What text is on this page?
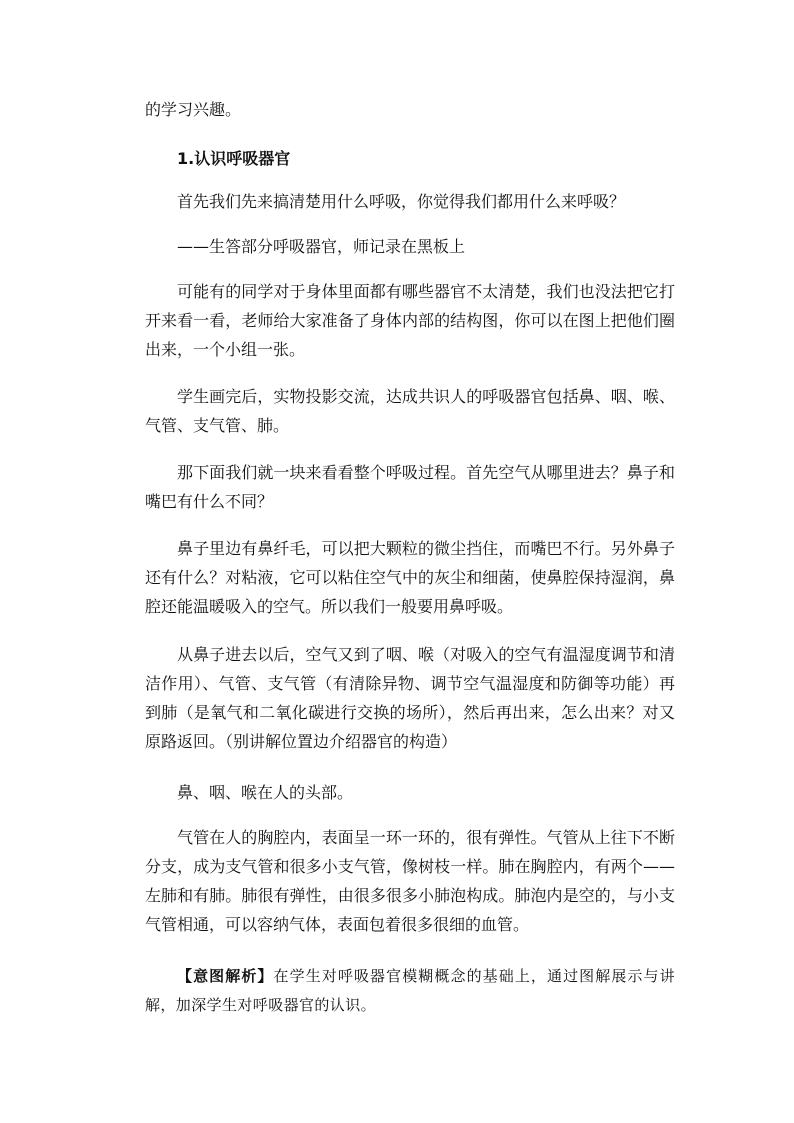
的学习兴趣。
1.认识呼吸器官
首先我们先来搞清楚用什么呼吸，你觉得我们都用什么来呼吸？
——生答部分呼吸器官，师记录在黑板上
可能有的同学对于身体里面都有哪些器官不太清楚，我们也没法把它打开来看一看，老师给大家准备了身体内部的结构图，你可以在图上把他们圈出来，一个小组一张。
学生画完后，实物投影交流，达成共识人的呼吸器官包括鼻、咽、喉、气管、支气管、肺。
那下面我们就一块来看看整个呼吸过程。首先空气从哪里进去？鼻子和嘴巴有什么不同？
鼻子里边有鼻纤毛，可以把大颗粒的微尘挡住，而嘴巴不行。另外鼻子还有什么？对粘液，它可以粘住空气中的灰尘和细菌，使鼻腔保持湿润，鼻腔还能温暖吸入的空气。所以我们一般要用鼻呼吸。
从鼻子进去以后，空气又到了咽、喉（对吸入的空气有温湿度调节和清洁作用）、气管、支气管（有清除异物、调节空气温湿度和防御等功能）再到肺（是氧气和二氧化碳进行交换的场所），然后再出来，怎么出来？对又原路返回。（别讲解位置边介绍器官的构造）
鼻、咽、喉在人的头部。
气管在人的胸腔内，表面呈一环一环的，很有弹性。气管从上往下不断分支，成为支气管和很多小支气管，像树枝一样。肺在胸腔内，有两个——左肺和有肺。肺很有弹性，由很多很多小肺泡构成。肺泡内是空的，与小支气管相通，可以容纳气体，表面包着很多很细的血管。
【意图解析】在学生对呼吸器官模糊概念的基础上，通过图解展示与讲解，加深学生对呼吸器官的认识。
